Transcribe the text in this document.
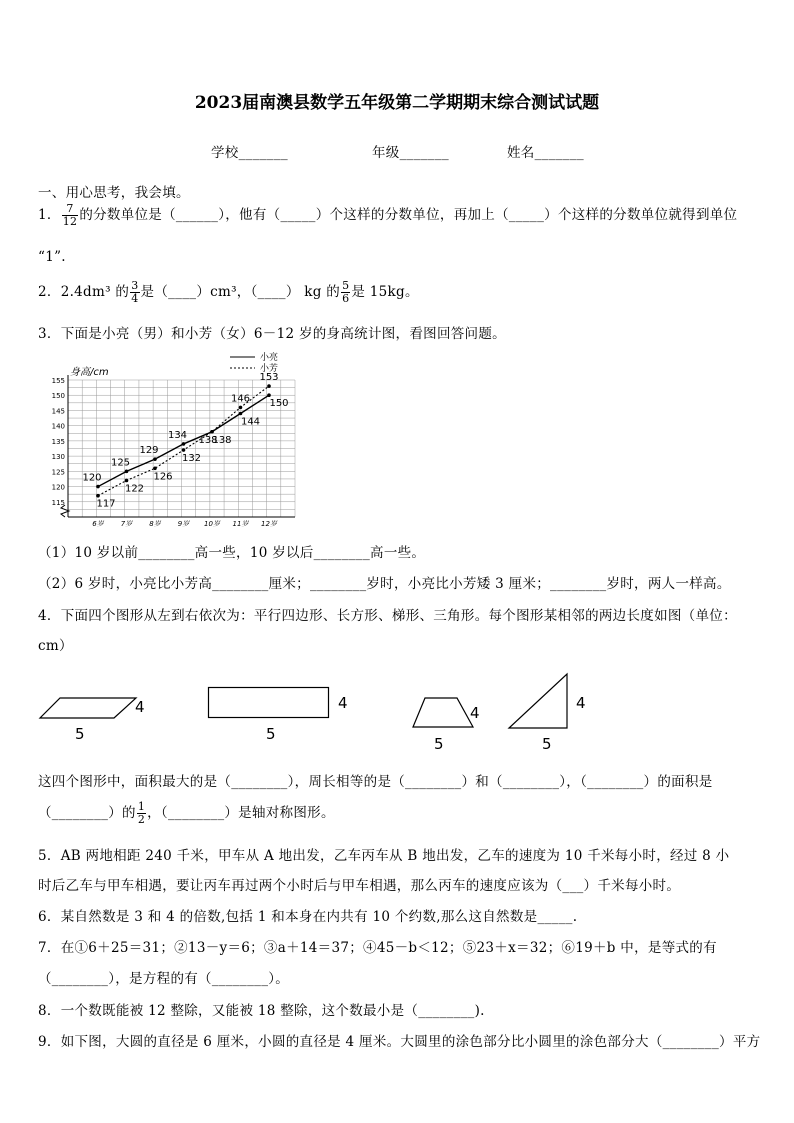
2023届南澳县数学五年级第二学期期末综合测试试题
学校_______	年级_______	姓名_______
一、用心思考，我会填。
1． $\frac{7}{12}$ 的分数单位是（______），他有（_____）个这样的分数单位，再加上（_____）个这样的分数单位就得到单位
“1”.
2．2.4dm³ 的 $\frac{3}{4}$ 是（____）cm³，（____） kg 的 $\frac{5}{6}$ 是 15kg。
3．下面是小亮（男）和小芳（女）6－12 岁的身高统计图，看图回答问题。
115
120
125
130
135
140
145
150
155
6岁 7岁 8岁 9岁 10岁 11岁 12岁
身高/cm
小亮
小芳
120
125
129
134 138
144
150
117
122
126
132
138
146
153
（1）10 岁以前________高一些，10 岁以后________高一些。
（2）6 岁时，小亮比小芳高________厘米；________岁时，小亮比小芳矮 3 厘米；________岁时，两人一样高。
4．下面四个图形从左到右依次为：平行四边形、长方形、梯形、三角形。每个图形某相邻的两边长度如图（单位：
cm）
4
5
4
5
4
5
4
5
这四个图形中，面积最大的是（________），周长相等的是（________）和（________），（________）的面积是
（________）的 $\frac{1}{2}$ ，（________）是轴对称图形。
5．AB 两地相距 240 千米，甲车从 A 地出发，乙车丙车从 B 地出发，乙车的速度为 10 千米每小时，经过 8 小
时后乙车与甲车相遇，要让丙车再过两个小时后与甲车相遇，那么丙车的速度应该为（___）千米每小时。
6．某自然数是 3 和 4 的倍数,包括 1 和本身在内共有 10 个约数,那么这自然数是_____.
7．在①6＋25＝31；②13－y＝6；③a＋14＝37；④45－b＜12；⑤23＋x＝32；⑥19＋b 中，是等式的有
（________），是方程的有（________）。
8．一个数既能被 12 整除，又能被 18 整除，这个数最小是（________).
9．如下图，大圆的直径是 6 厘米，小圆的直径是 4 厘米。大圆里的涂色部分比小圆里的涂色部分大（________）平方
